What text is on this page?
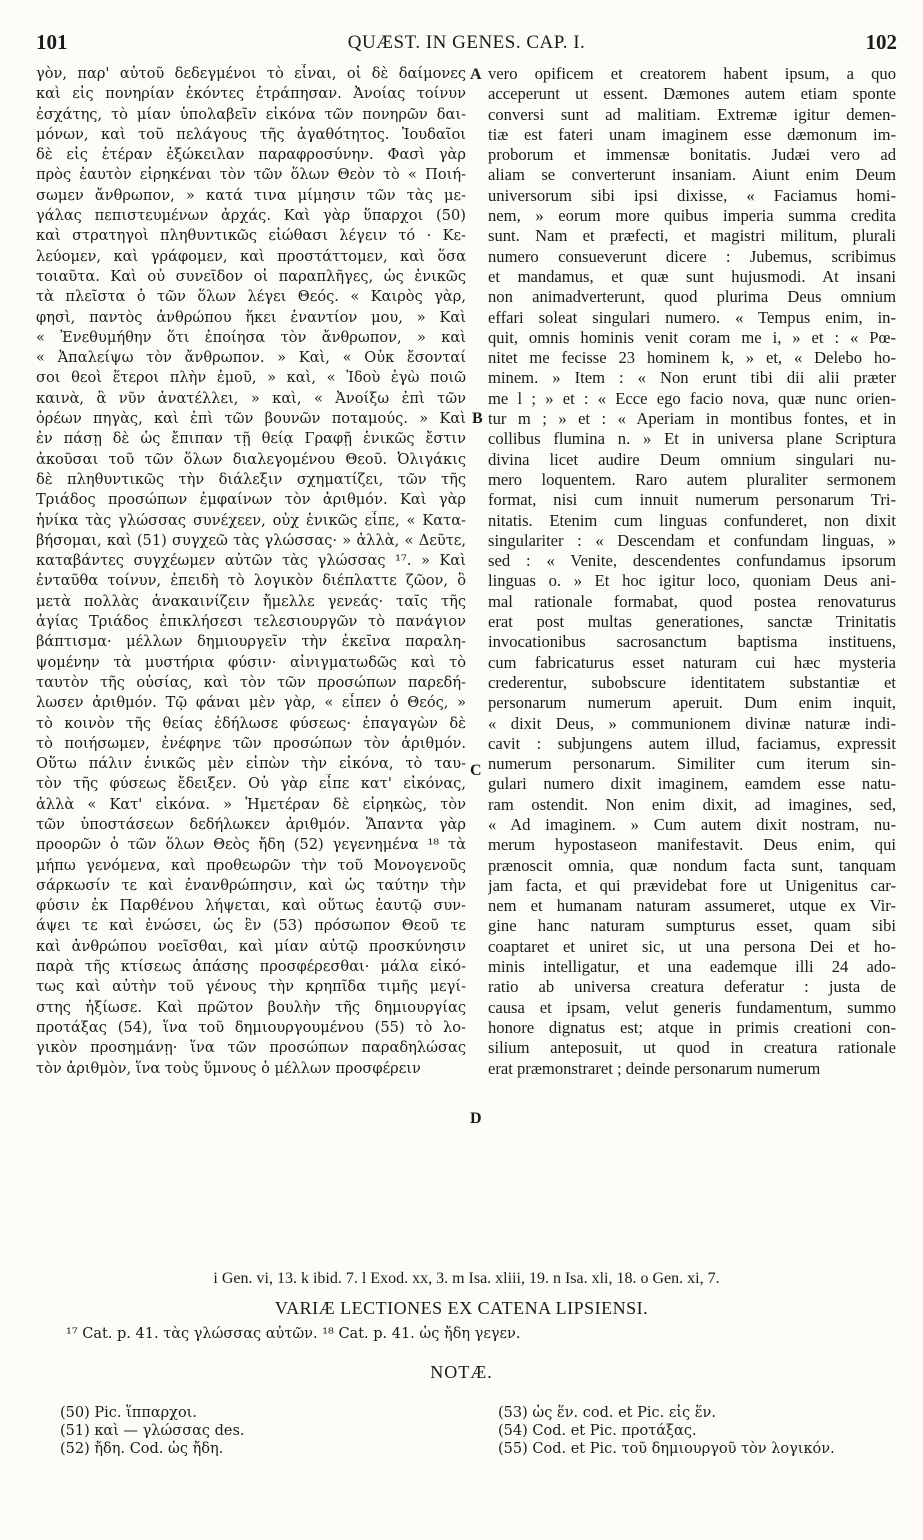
101	QUÆST. IN GENES. CAP. I.	102
γὸν, παρ' αὐτοῦ δεδεγμένοι τὸ εἶναι, οἱ δὲ δαίμονες
καὶ εἰς πονηρίαν ἑκόντες ἐτράπησαν. Ἀνοίας τοίνυν
ἐσχάτης, τὸ μίαν ὑπολαβεῖν εἰκόνα τῶν πονηρῶν δαι-
μόνων, καὶ τοῦ πελάγους τῆς ἀγαθότητος. Ἰουδαῖοι
δὲ εἰς ἑτέραν ἐξώκειλαν παραφροσύνην. Φασὶ γὰρ
πρὸς ἑαυτὸν εἰρηκέναι τὸν τῶν ὅλων Θεὸν τὸ « Ποιή-
σωμεν ἄνθρωπον, » κατά τινα μίμησιν τῶν τὰς με-
γάλας πεπιστευμένων ἀρχάς. Καὶ γὰρ ὕπαρχοι (50)
καὶ στρατηγοὶ πληθυντικῶς εἰώθασι λέγειν τό · Κε-
λεύομεν, καὶ γράφομεν, καὶ προστάττομεν, καὶ ὅσα
τοιαῦτα. Καὶ οὐ συνεῖδον οἱ παραπλῆγες, ὡς ἑνικῶς
τὰ πλεῖστα ὁ τῶν ὅλων λέγει Θεός. « Καιρὸς γὰρ,
φησὶ, παντὸς ἀνθρώπου ἥκει ἐναντίον μου, » Καὶ
« Ἐνεθυμήθην ὅτι ἐποίησα τὸν ἄνθρωπον, » καὶ
« Ἀπαλείψω τὸν ἄνθρωπον. » Καὶ, « Οὐκ ἔσονταί
σοι θεοὶ ἕτεροι πλὴν ἐμοῦ, » καὶ, « Ἰδοὺ ἐγὼ ποιῶ
καινὰ, ἃ νῦν ἀνατέλλει, » καὶ, « Ἀνοίξω ἐπὶ τῶν
ὀρέων πηγὰς, καὶ ἐπὶ τῶν βουνῶν ποταμούς. » Καὶ
ἐν πάσῃ δὲ ὡς ἔπιπαν τῇ θείᾳ Γραφῇ ἑνικῶς ἔστιν
ἀκοῦσαι τοῦ τῶν ὅλων διαλεγομένου Θεοῦ. Ὀλιγάκις
δὲ πληθυντικῶς τὴν διάλεξιν σχηματίζει, τῶν τῆς
Τριάδος προσώπων ἐμφαίνων τὸν ἀριθμόν. Καὶ γὰρ
ἡνίκα τὰς γλώσσας συνέχεεν, οὐχ ἑνικῶς εἶπε, « Κατα-
βήσομαι, καὶ (51) συγχεῶ τὰς γλώσσας· » ἀλλὰ, « Δεῦτε,
καταβάντες συγχέωμεν αὐτῶν τὰς γλώσσας ¹⁷. » Καὶ
ἐνταῦθα τοίνυν, ἐπειδὴ τὸ λογικὸν διέπλαττε ζῶον, ὃ
μετὰ πολλὰς ἀνακαινίζειν ἤμελλε γενεάς· ταῖς τῆς
ἁγίας Τριάδος ἐπικλήσεσι τελεσιουργῶν τὸ πανάγιον
βάπτισμα· μέλλων δημιουργεῖν τὴν ἐκεῖνα παραλη-
ψομένην τὰ μυστήρια φύσιν· αἰνιγματωδῶς καὶ τὸ
ταυτὸν τῆς οὐσίας, καὶ τὸν τῶν προσώπων παρεδή-
λωσεν ἀριθμόν. Τῷ φάναι μὲν γὰρ, « εἶπεν ὁ Θεός, »
τὸ κοινὸν τῆς θείας ἐδήλωσε φύσεως· ἐπαγαγὼν δὲ
τὸ ποιήσωμεν, ἐνέφηνε τῶν προσώπων τὸν ἀριθμόν.
Οὕτω πάλιν ἑνικῶς μὲν εἰπὼν τὴν εἰκόνα, τὸ ταυ-
τὸν τῆς φύσεως ἔδειξεν. Οὐ γὰρ εἶπε κατ' εἰκόνας,
ἀλλὰ « Κατ' εἰκόνα. » Ἡμετέραν δὲ εἰρηκὼς, τὸν
τῶν ὑποστάσεων δεδήλωκεν ἀριθμόν. Ἅπαντα γὰρ
προορῶν ὁ τῶν ὅλων Θεὸς ἤδη (52) γεγενημένα ¹⁸ τὰ
μήπω γενόμενα, καὶ προθεωρῶν τὴν τοῦ Μονογενοῦς
σάρκωσίν τε καὶ ἐνανθρώπησιν, καὶ ὡς ταύτην τὴν
φύσιν ἐκ Παρθένου λήψεται, καὶ οὕτως ἑαυτῷ συν-
άψει τε καὶ ἑνώσει, ὡς ἓν (53) πρόσωπον Θεοῦ τε
καὶ ἀνθρώπου νοεῖσθαι, καὶ μίαν αὐτῷ προσκύνησιν
παρὰ τῆς κτίσεως ἁπάσης προσφέρεσθαι· μάλα εἰκό-
τως καὶ αὐτὴν τοῦ γένους τὴν κρηπῖδα τιμῆς μεγί-
στης ἠξίωσε. Καὶ πρῶτον βουλὴν τῆς δημιουργίας
προτάξας (54), ἵνα τοῦ δημιουργουμένου (55) τὸ λο-
γικὸν προσημάνῃ· ἵνα τῶν προσώπων παραδηλώσας
τὸν ἀριθμὸν, ἵνα τοὺς ὕμνους ὁ μέλλων προσφέρειν
vero opificem et creatorem habent ipsum, a quo
acceperunt ut essent. Dæmones autem etiam sponte
conversi sunt ad malitiam. Extremæ igitur demen-
tiæ est fateri unam imaginem esse dæmonum im-
proborum et immensæ bonitatis. Judæi vero ad
aliam se converterunt insaniam. Aiunt enim Deum
universorum sibi ipsi dixisse, « Faciamus homi-
nem, » eorum more quibus imperia summa credita
sunt. Nam et præfecti, et magistri militum, plurali
numero consueverunt dicere : Jubemus, scribimus
et mandamus, et quæ sunt hujusmodi. At insani
non animadverterunt, quod plurima Deus omnium
effari soleat singulari numero. « Tempus enim, in-
quit, omnis hominis venit coram me i, » et : « Pœ-
nitet me fecisse 23 hominem k, » et, « Delebo ho-
minem. » Item : « Non erunt tibi dii alii præter
me l ; » et : « Ecce ego facio nova, quæ nunc orien-
tur m ; » et : « Aperiam in montibus fontes, et in
collibus flumina n. » Et in universa plane Scriptura
divina licet audire Deum omnium singulari nu-
mero loquentem. Raro autem pluraliter sermonem
format, nisi cum innuit numerum personarum Tri-
nitatis. Etenim cum linguas confunderet, non dixit
singulariter : « Descendam et confundam linguas, »
sed : « Venite, descendentes confundamus ipsorum
linguas o. » Et hoc igitur loco, quoniam Deus ani-
mal rationale formabat, quod postea renovaturus
erat post multas generationes, sanctæ Trinitatis
invocationibus sacrosanctum baptisma instituens,
cum fabricaturus esset naturam cui hæc mysteria
crederentur, subobscure identitatem substantiæ et
personarum numerum aperuit. Dum enim inquit,
« dixit Deus, » communionem divinæ naturæ indi-
cavit : subjungens autem illud, faciamus, expressit
numerum personarum. Similiter cum iterum sin-
gulari numero dixit imaginem, eamdem esse natu-
ram ostendit. Non enim dixit, ad imagines, sed,
« Ad imaginem. » Cum autem dixit nostram, nu-
merum hypostaseon manifestavit. Deus enim, qui
prænoscit omnia, quæ nondum facta sunt, tanquam
jam facta, et qui prævidebat fore ut Unigenitus car-
nem et humanam naturam assumeret, utque ex Vir-
gine hanc naturam sumpturus esset, quam sibi
coaptaret et uniret sic, ut una persona Dei et ho-
minis intelligatur, et una eademque illi 24 ado-
ratio ab universa creatura deferatur : justa de
causa et ipsam, velut generis fundamentum, summo
honore dignatus est; atque in primis creationi con-
silium anteposuit, ut quod in creatura rationale
erat præmonstraret ; deinde personarum numerum
A
B
C
D
i Gen. vi, 13. k ibid. 7. l Exod. xx, 3. m Isa. xliii, 19. n Isa. xli, 18. o Gen. xi, 7.
VARIÆ LECTIONES EX CATENA LIPSIENSI.
¹⁷ Cat. p. 41. τὰς γλώσσας αὐτῶν. ¹⁸ Cat. p. 41. ὡς ἤδη γεγεν.
NOTÆ.
(50) Pic. ἵππαρχοι.
(51) καὶ — γλώσσας des.
(52) ἤδη. Cod. ὡς ἤδη.
(53) ὡς ἕν. cod. et Pic. εἰς ἕν.
(54) Cod. et Pic. προτάξας.
(55) Cod. et Pic. τοῦ δημιουργοῦ τὸν λογικόν.
